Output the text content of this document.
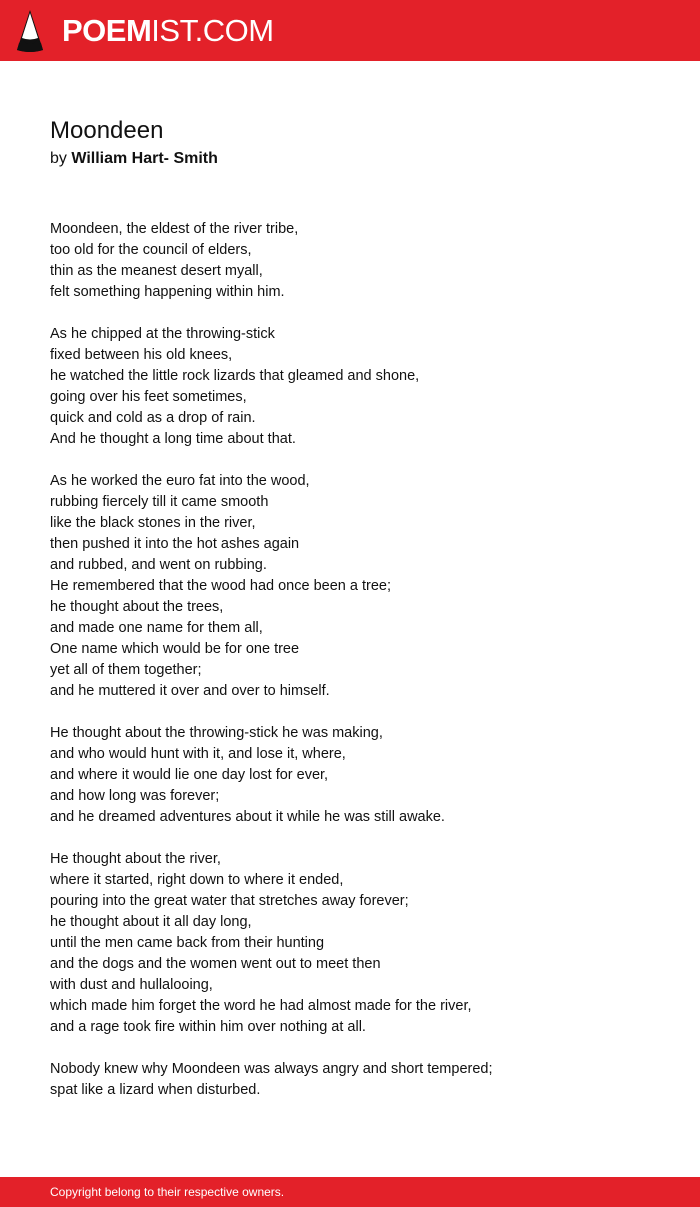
POEMIST.COM
Moondeen
by William Hart- Smith
Moondeen, the eldest of the river tribe,
too old for the council of elders,
thin as the meanest desert myall,
felt something happening within him.
As he chipped at the throwing-stick
fixed between his old knees,
he watched the little rock lizards that gleamed and shone,
going over his feet sometimes,
quick and cold as a drop of rain.
And he thought a long time about that.
As he worked the euro fat into the wood,
rubbing fiercely till it came smooth
like the black stones in the river,
then pushed it into the hot ashes again
and rubbed, and went on rubbing.
He remembered that the wood had once been a tree;
he thought about the trees,
and made one name for them all,
One name which would be for one tree
yet all of them together;
and he muttered it over and over to himself.
He thought about the throwing-stick he was making,
and who would hunt with it, and lose it, where,
and where it would lie one day lost for ever,
and how long was forever;
and he dreamed adventures about it while he was still awake.
He thought about the river,
where it started, right down to where it ended,
pouring into the great water that stretches away forever;
he thought about it all day long,
until the men came back from their hunting
and the dogs and the women went out to meet then
with dust and hullalooing,
which made him forget the word he had almost made for the river,
and a rage took fire within him over nothing at all.
Nobody knew why Moondeen was always angry and short tempered;
spat like a lizard when disturbed.
Copyright belong to their respective owners.
